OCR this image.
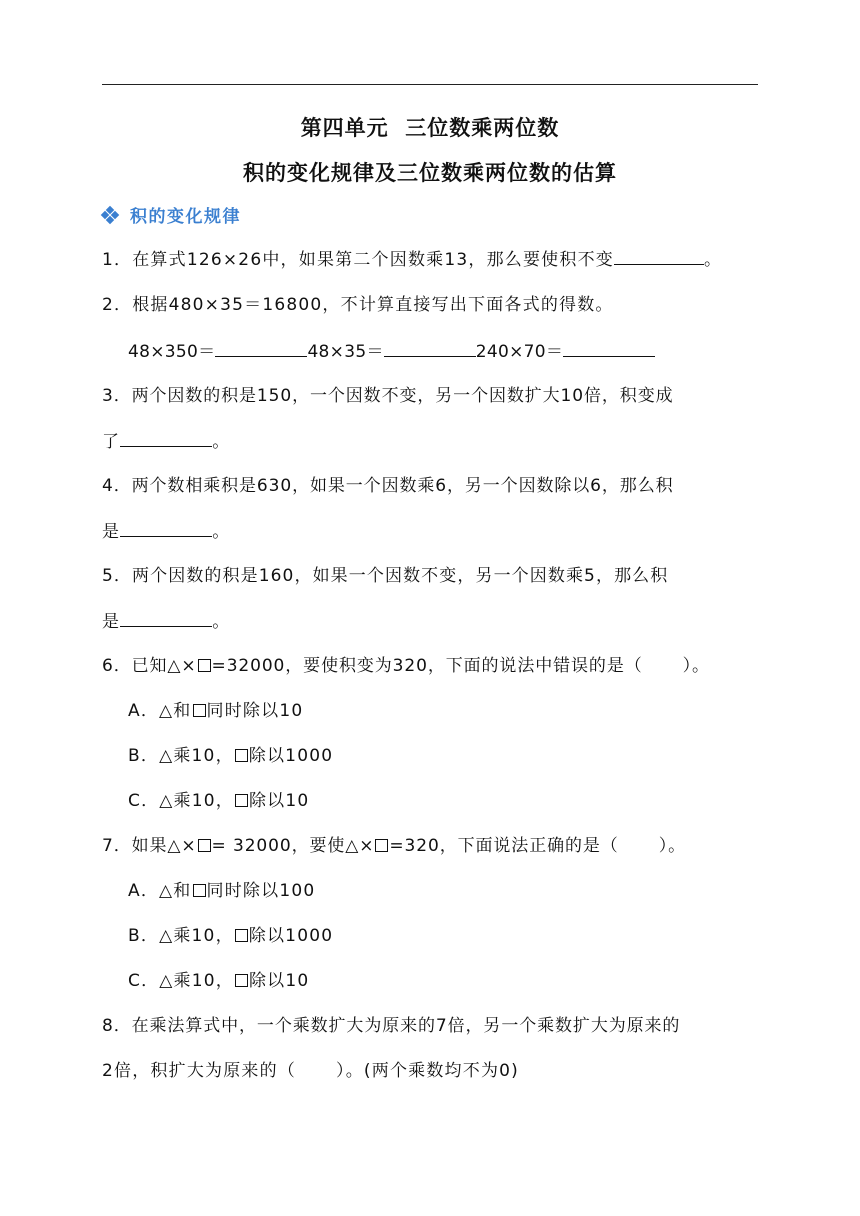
第四单元  三位数乘两位数
积的变化规律及三位数乘两位数的估算
积的变化规律
1．在算式126×26中，如果第二个因数乘13，那么要使积不变	。
2．根据480×35＝16800，不计算直接写出下面各式的得数。
48×350＝	48×35＝	240×70＝
3．两个因数的积是150，一个因数不变，另一个因数扩大10倍，积变成
了	。
4．两个数相乘积是630，如果一个因数乘6，另一个因数除以6，那么积
是	。
5．两个因数的积是160，如果一个因数不变，另一个因数乘5，那么积
是	。
6．已知△× =32000，要使积变为320，下面的说法中错误的是（ ）。
A．△和 同时除以10
B．△乘10， 除以1000
C．△乘10， 除以10
7．如果△× = 32000，要使△× =320，下面说法正确的是（ ）。
A．△和 同时除以100
B．△乘10， 除以1000
C．△乘10， 除以10
8．在乘法算式中，一个乘数扩大为原来的7倍，另一个乘数扩大为原来的
2倍，积扩大为原来的（ ）。(两个乘数均不为0)
